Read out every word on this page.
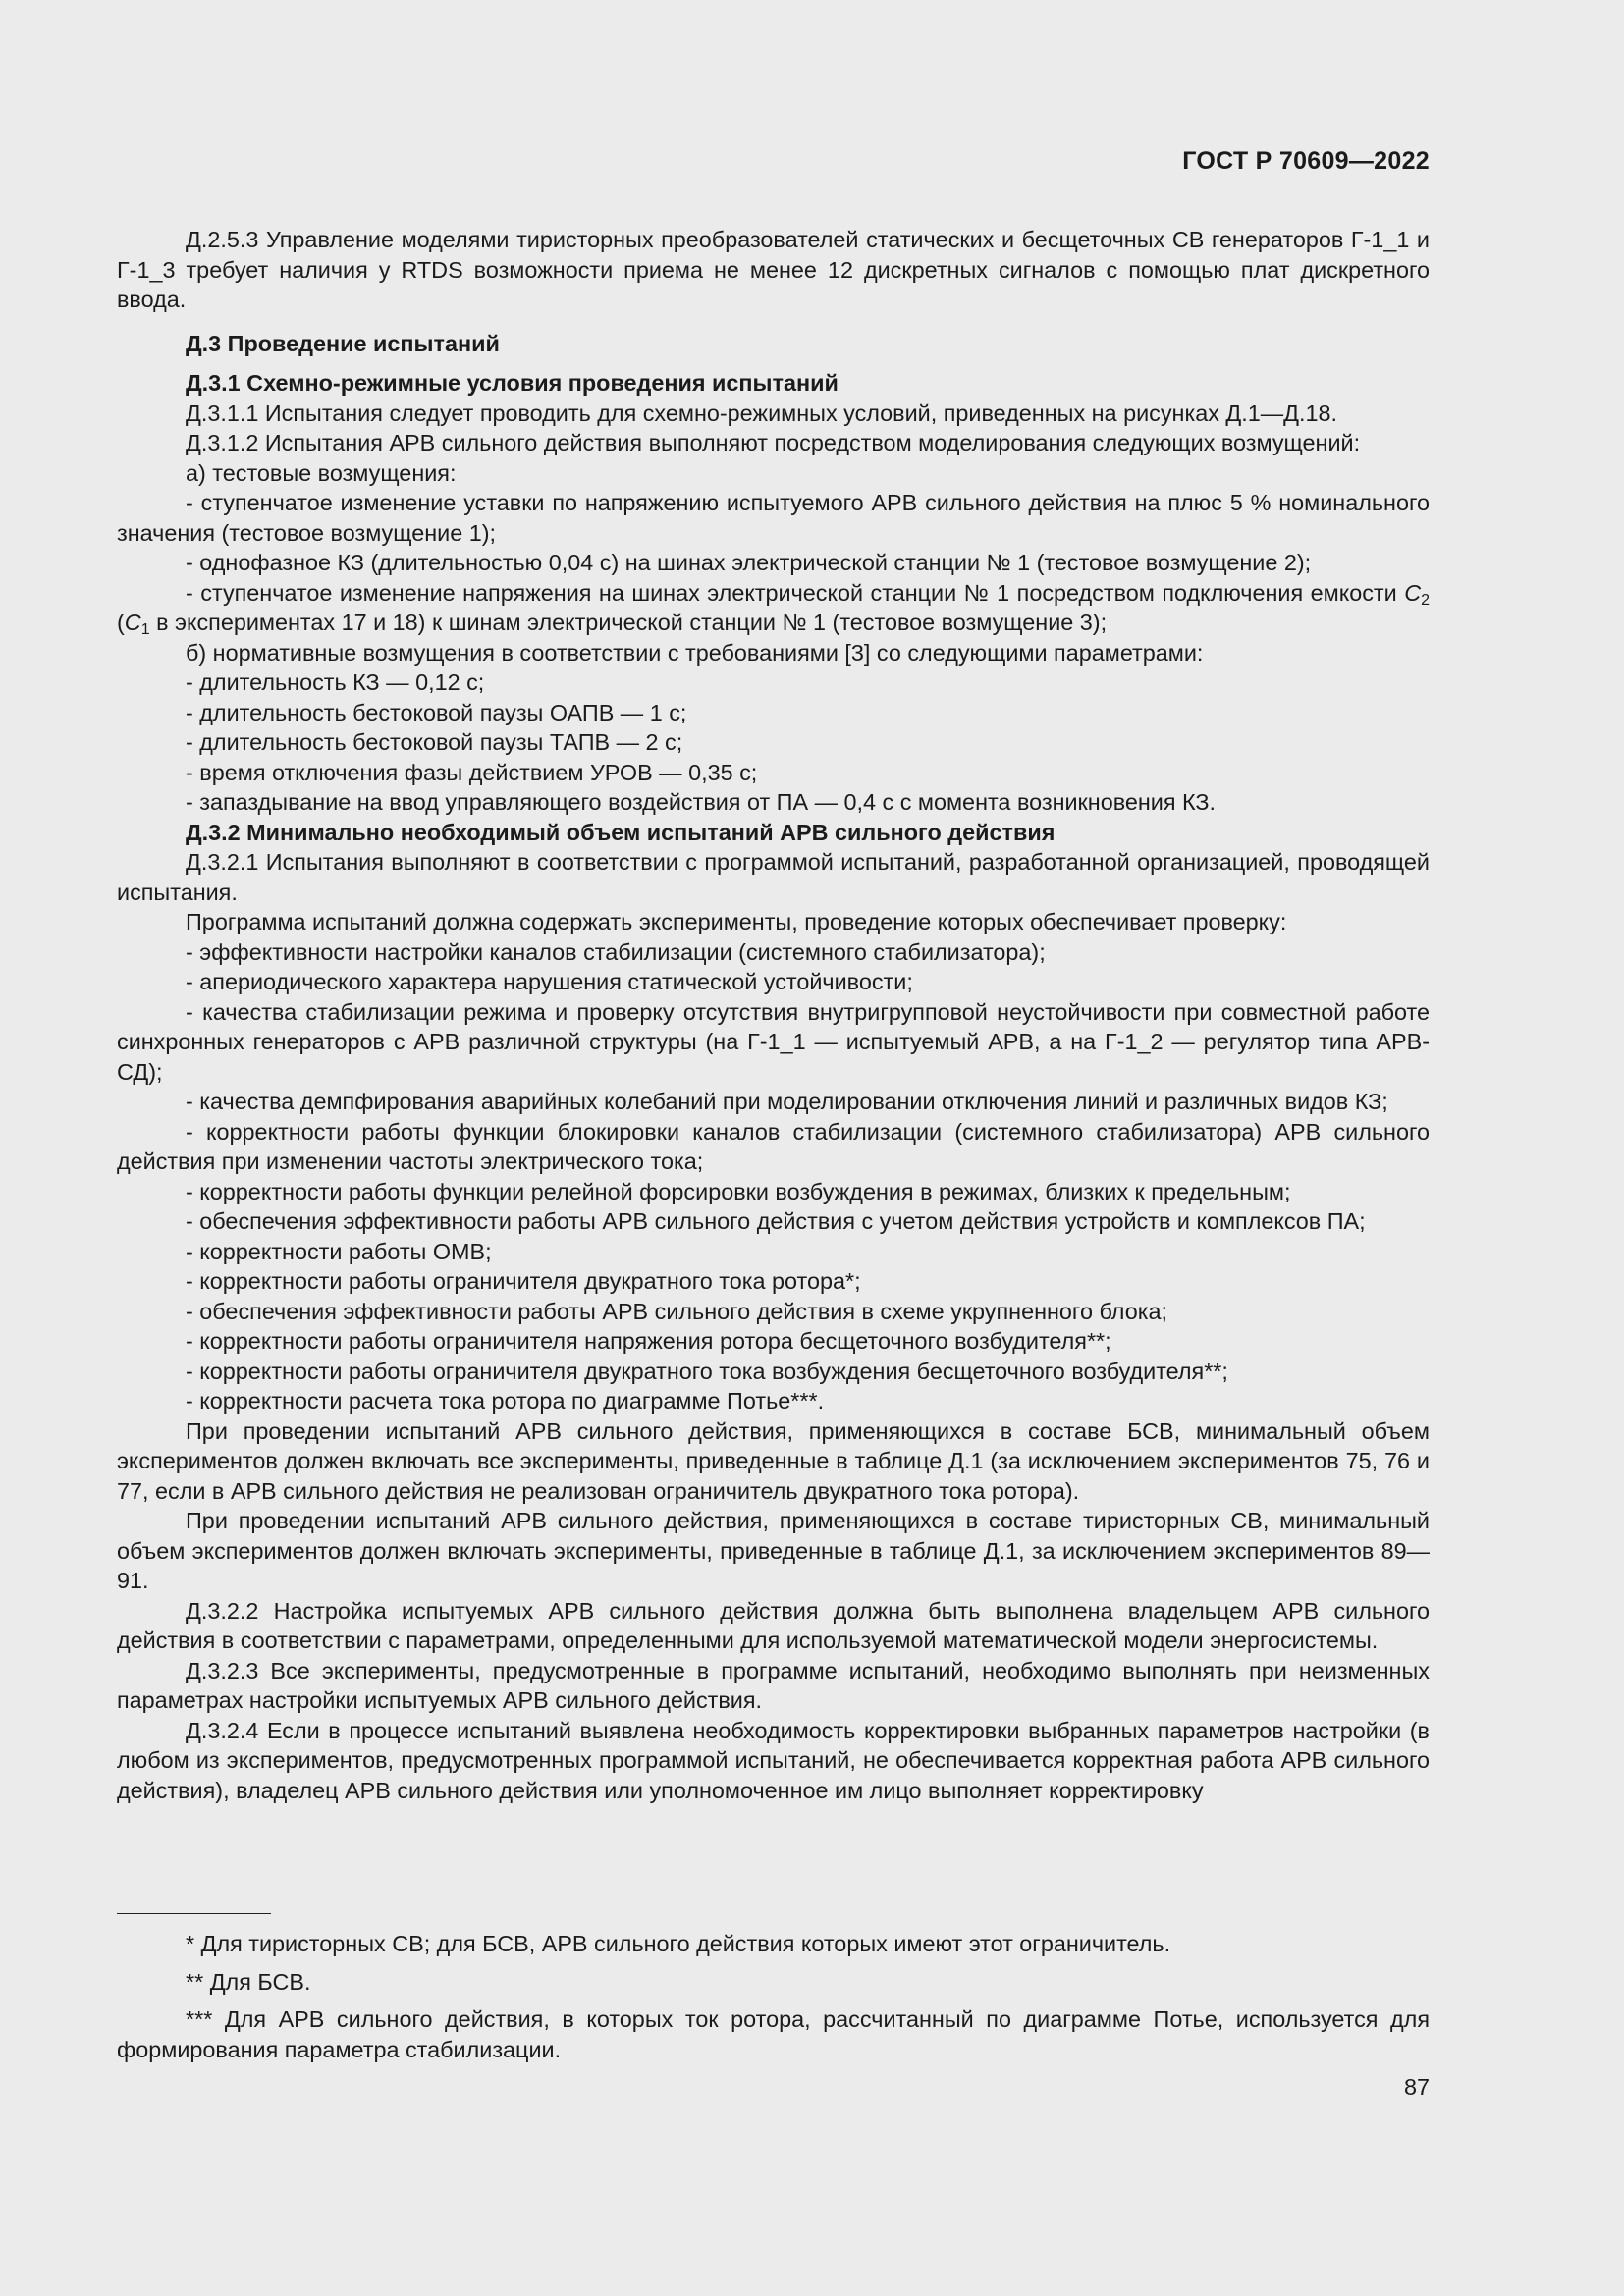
ГОСТ Р 70609—2022

Д.2.5.3 Управление моделями тиристорных преобразователей статических и бесщеточных СВ генераторов Г-1_1 и Г-1_3 требует наличия у RTDS возможности приема не менее 12 дискретных сигналов с помощью плат дискретного ввода.

Д.3 Проведение испытаний

Д.3.1 Схемно-режимные условия проведения испытаний

Д.3.1.1 Испытания следует проводить для схемно-режимных условий, приведенных на рисунках Д.1—Д.18.

Д.3.1.2 Испытания АРВ сильного действия выполняют посредством моделирования следующих возмущений:

а) тестовые возмущения:

- ступенчатое изменение уставки по напряжению испытуемого АРВ сильного действия на плюс 5 % номинального значения (тестовое возмущение 1);

- однофазное КЗ (длительностью 0,04 с) на шинах электрической станции № 1 (тестовое возмущение 2);

- ступенчатое изменение напряжения на шинах электрической станции № 1 посредством подключения емкости $C_2$ ($C_1$ в экспериментах 17 и 18) к шинам электрической станции № 1 (тестовое возмущение 3);

б) нормативные возмущения в соответствии с требованиями [3] со следующими параметрами:

- длительность КЗ — 0,12 с;

- длительность бестоковой паузы ОАПВ — 1 с;

- длительность бестоковой паузы ТАПВ — 2 с;

- время отключения фазы действием УРОВ — 0,35 с;

- запаздывание на ввод управляющего воздействия от ПА — 0,4 с с момента возникновения КЗ.

Д.3.2 Минимально необходимый объем испытаний АРВ сильного действия

Д.3.2.1 Испытания выполняют в соответствии с программой испытаний, разработанной организацией, проводящей испытания.

Программа испытаний должна содержать эксперименты, проведение которых обеспечивает проверку:

- эффективности настройки каналов стабилизации (системного стабилизатора);

- апериодического характера нарушения статической устойчивости;

- качества стабилизации режима и проверку отсутствия внутригрупповой неустойчивости при совместной работе синхронных генераторов с АРВ различной структуры (на Г-1_1 — испытуемый АРВ, а на Г-1_2 — регулятор типа АРВ-СД);

- качества демпфирования аварийных колебаний при моделировании отключения линий и различных видов КЗ;

- корректности работы функции блокировки каналов стабилизации (системного стабилизатора) АРВ сильного действия при изменении частоты электрического тока;

- корректности работы функции релейной форсировки возбуждения в режимах, близких к предельным;

- обеспечения эффективности работы АРВ сильного действия с учетом действия устройств и комплексов ПА;

- корректности работы ОМВ;

- корректности работы ограничителя двукратного тока ротора*;

- обеспечения эффективности работы АРВ сильного действия в схеме укрупненного блока;

- корректности работы ограничителя напряжения ротора бесщеточного возбудителя**;

- корректности работы ограничителя двукратного тока возбуждения бесщеточного возбудителя**;

- корректности расчета тока ротора по диаграмме Потье***.

При проведении испытаний АРВ сильного действия, применяющихся в составе БСВ, минимальный объем экспериментов должен включать все эксперименты, приведенные в таблице Д.1 (за исключением экспериментов 75, 76 и 77, если в АРВ сильного действия не реализован ограничитель двукратного тока ротора).

При проведении испытаний АРВ сильного действия, применяющихся в составе тиристорных СВ, минимальный объем экспериментов должен включать эксперименты, приведенные в таблице Д.1, за исключением экспериментов 89—91.

Д.3.2.2 Настройка испытуемых АРВ сильного действия должна быть выполнена владельцем АРВ сильного действия в соответствии с параметрами, определенными для используемой математической модели энергосистемы.

Д.3.2.3 Все эксперименты, предусмотренные в программе испытаний, необходимо выполнять при неизменных параметрах настройки испытуемых АРВ сильного действия.

Д.3.2.4 Если в процессе испытаний выявлена необходимость корректировки выбранных параметров настройки (в любом из экспериментов, предусмотренных программой испытаний, не обеспечивается корректная работа АРВ сильного действия), владелец АРВ сильного действия или уполномоченное им лицо выполняет корректировку

* Для тиристорных СВ; для БСВ, АРВ сильного действия которых имеют этот ограничитель.

** Для БСВ.

*** Для АРВ сильного действия, в которых ток ротора, рассчитанный по диаграмме Потье, используется для формирования параметра стабилизации.

87
